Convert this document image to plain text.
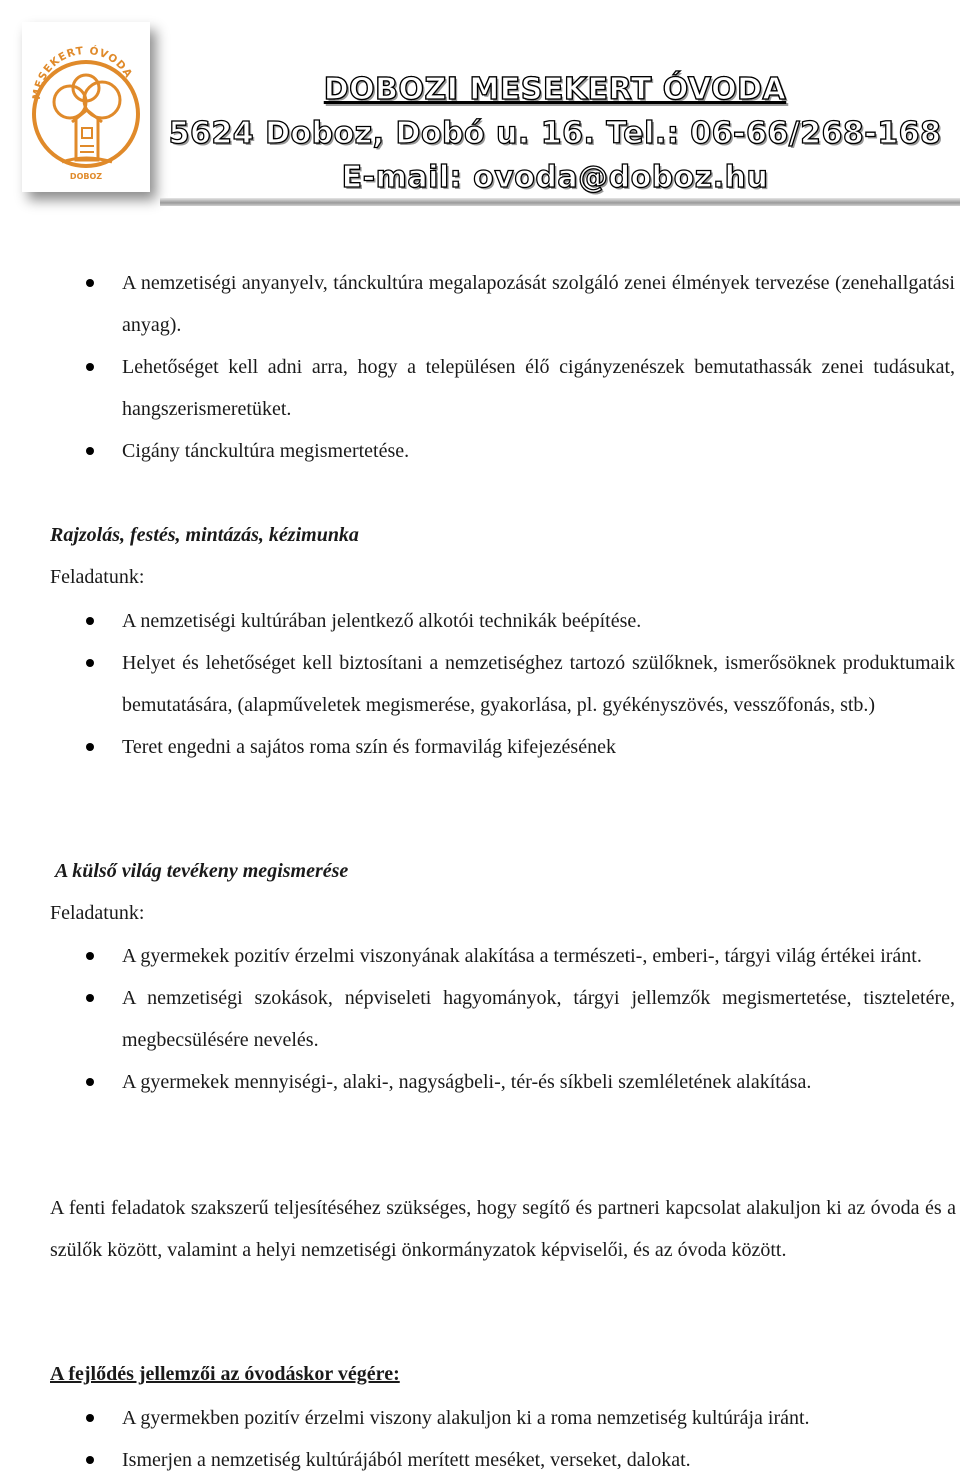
MESEKERT ÓVODA
DOBOZ
DOBOZI MESEKERT ÓVODA
5624 Doboz, Dobó u. 16. Tel.: 06-66/268-168
E-mail: ovoda@doboz.hu
A nemzetiségi anyanyelv, tánckultúra megalapozását szolgáló zenei élmények tervezése (zenehallgatási anyag).
Lehetőséget kell adni arra, hogy a településen élő cigányzenészek bemutathassák zenei tudásukat, hangszerismeretüket.
Cigány tánckultúra megismertetése.
Rajzolás, festés, mintázás, kézimunka
Feladatunk:
A nemzetiségi kultúrában jelentkező alkotói technikák beépítése.
Helyet és lehetőséget kell biztosítani a nemzetiséghez tartozó szülőknek, ismerősöknek produktumaik bemutatására, (alapműveletek megismerése, gyakorlása, pl. gyékényszövés, vesszőfonás, stb.)
Teret engedni a sajátos roma szín és formavilág kifejezésének
A külső világ tevékeny megismerése
Feladatunk:
A gyermekek pozitív érzelmi viszonyának alakítása a természeti-, emberi-, tárgyi világ értékei iránt.
A nemzetiségi szokások, népviseleti hagyományok, tárgyi jellemzők megismertetése, tiszteletére, megbecsülésére nevelés.
A gyermekek mennyiségi-, alaki-, nagyságbeli-, tér-és síkbeli szemléletének alakítása.
A fenti feladatok szakszerű teljesítéséhez szükséges, hogy segítő és partneri kapcsolat alakuljon ki az óvoda és a szülők között, valamint a helyi nemzetiségi önkormányzatok képviselői, és az óvoda között.
A fejlődés jellemzői az óvodáskor végére:
A gyermekben pozitív érzelmi viszony alakuljon ki a roma nemzetiség kultúrája iránt.
Ismerjen a nemzetiség kultúrájából merített meséket, verseket, dalokat.
